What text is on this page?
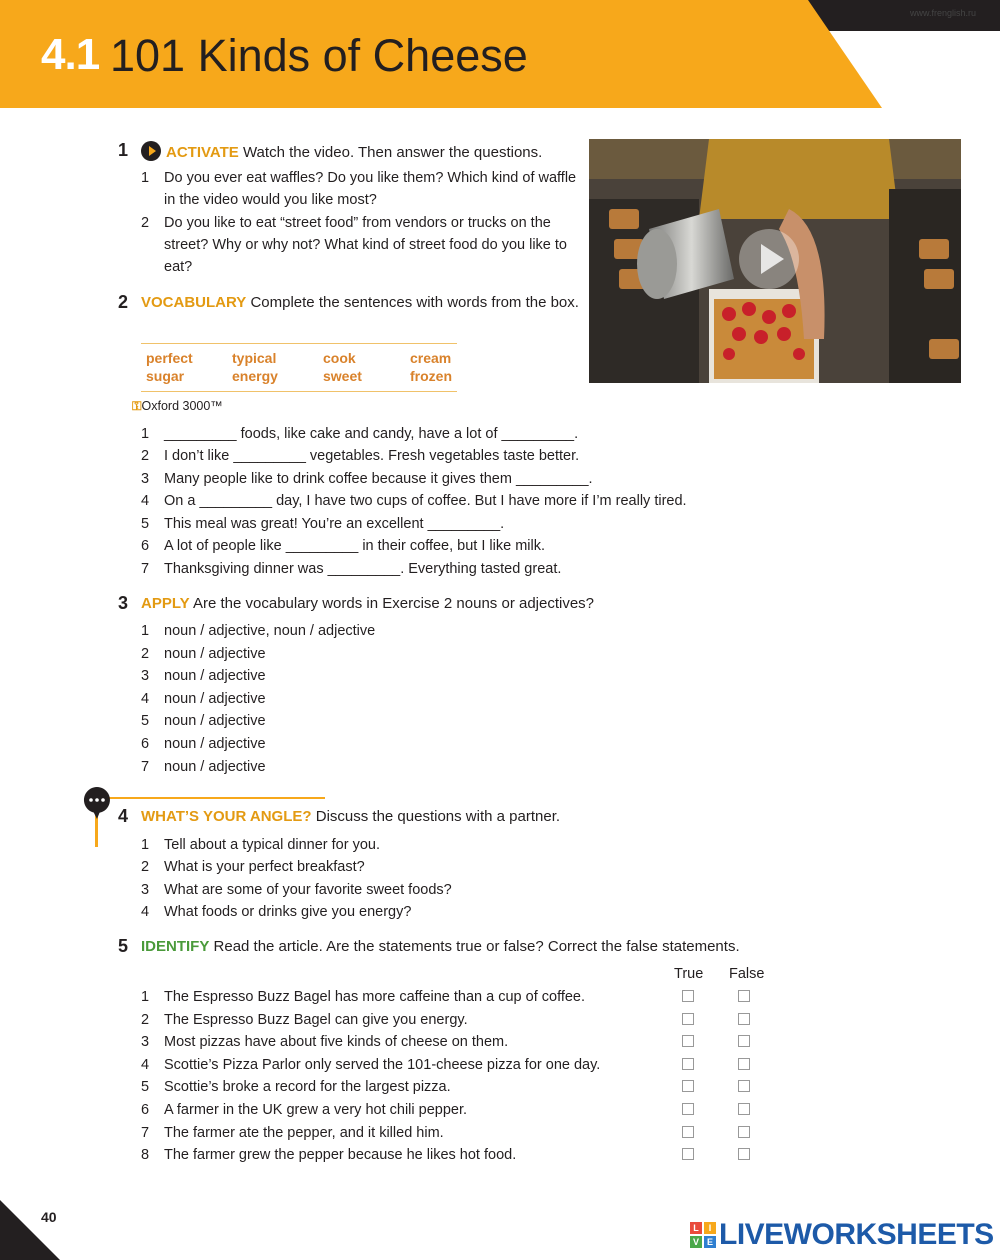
www.frenglish.ru
4.1 101 Kinds of Cheese
1	ACTIVATE Watch the video. Then answer the questions.
1 Do you ever eat waffles? Do you like them? Which kind of waffle in the video would you like most?
2 Do you like to eat “street food” from vendors or trucks on the street? Why or why not? What kind of street food do you like to eat?
2 VOCABULARY Complete the sentences with words from the box.
perfect	typical	cook	cream
sugar	energy	sweet	frozen
⚿Oxford 3000™
1 _________ foods, like cake and candy, have a lot of _________.
2 I don’t like _________ vegetables. Fresh vegetables taste better.
3 Many people like to drink coffee because it gives them _________.
4 On a _________ day, I have two cups of coffee. But I have more if I’m really tired.
5 This meal was great! You’re an excellent _________.
6 A lot of people like _________ in their coffee, but I like milk.
7 Thanksgiving dinner was _________. Everything tasted great.
3 APPLY Are the vocabulary words in Exercise 2 nouns or adjectives?
1 noun / adjective, noun / adjective
2 noun / adjective
3 noun / adjective
4 noun / adjective
5 noun / adjective
6 noun / adjective
7 noun / adjective
4 WHAT’S YOUR ANGLE? Discuss the questions with a partner.
1 Tell about a typical dinner for you.
2 What is your perfect breakfast?
3 What are some of your favorite sweet foods?
4 What foods or drinks give you energy?
5 IDENTIFY Read the article. Are the statements true or false? Correct the false statements.
True False
1 The Espresso Buzz Bagel has more caffeine than a cup of coffee.
2 The Espresso Buzz Bagel can give you energy.
3 Most pizzas have about five kinds of cheese on them.
4 Scottie’s Pizza Parlor only served the 101-cheese pizza for one day.
5 Scottie’s broke a record for the largest pizza.
6 A farmer in the UK grew a very hot chili pepper.
7 The farmer ate the pepper, and it killed him.
8 The farmer grew the pepper because he likes hot food.
40
L	I
V E LIVEWORKSHEETS
